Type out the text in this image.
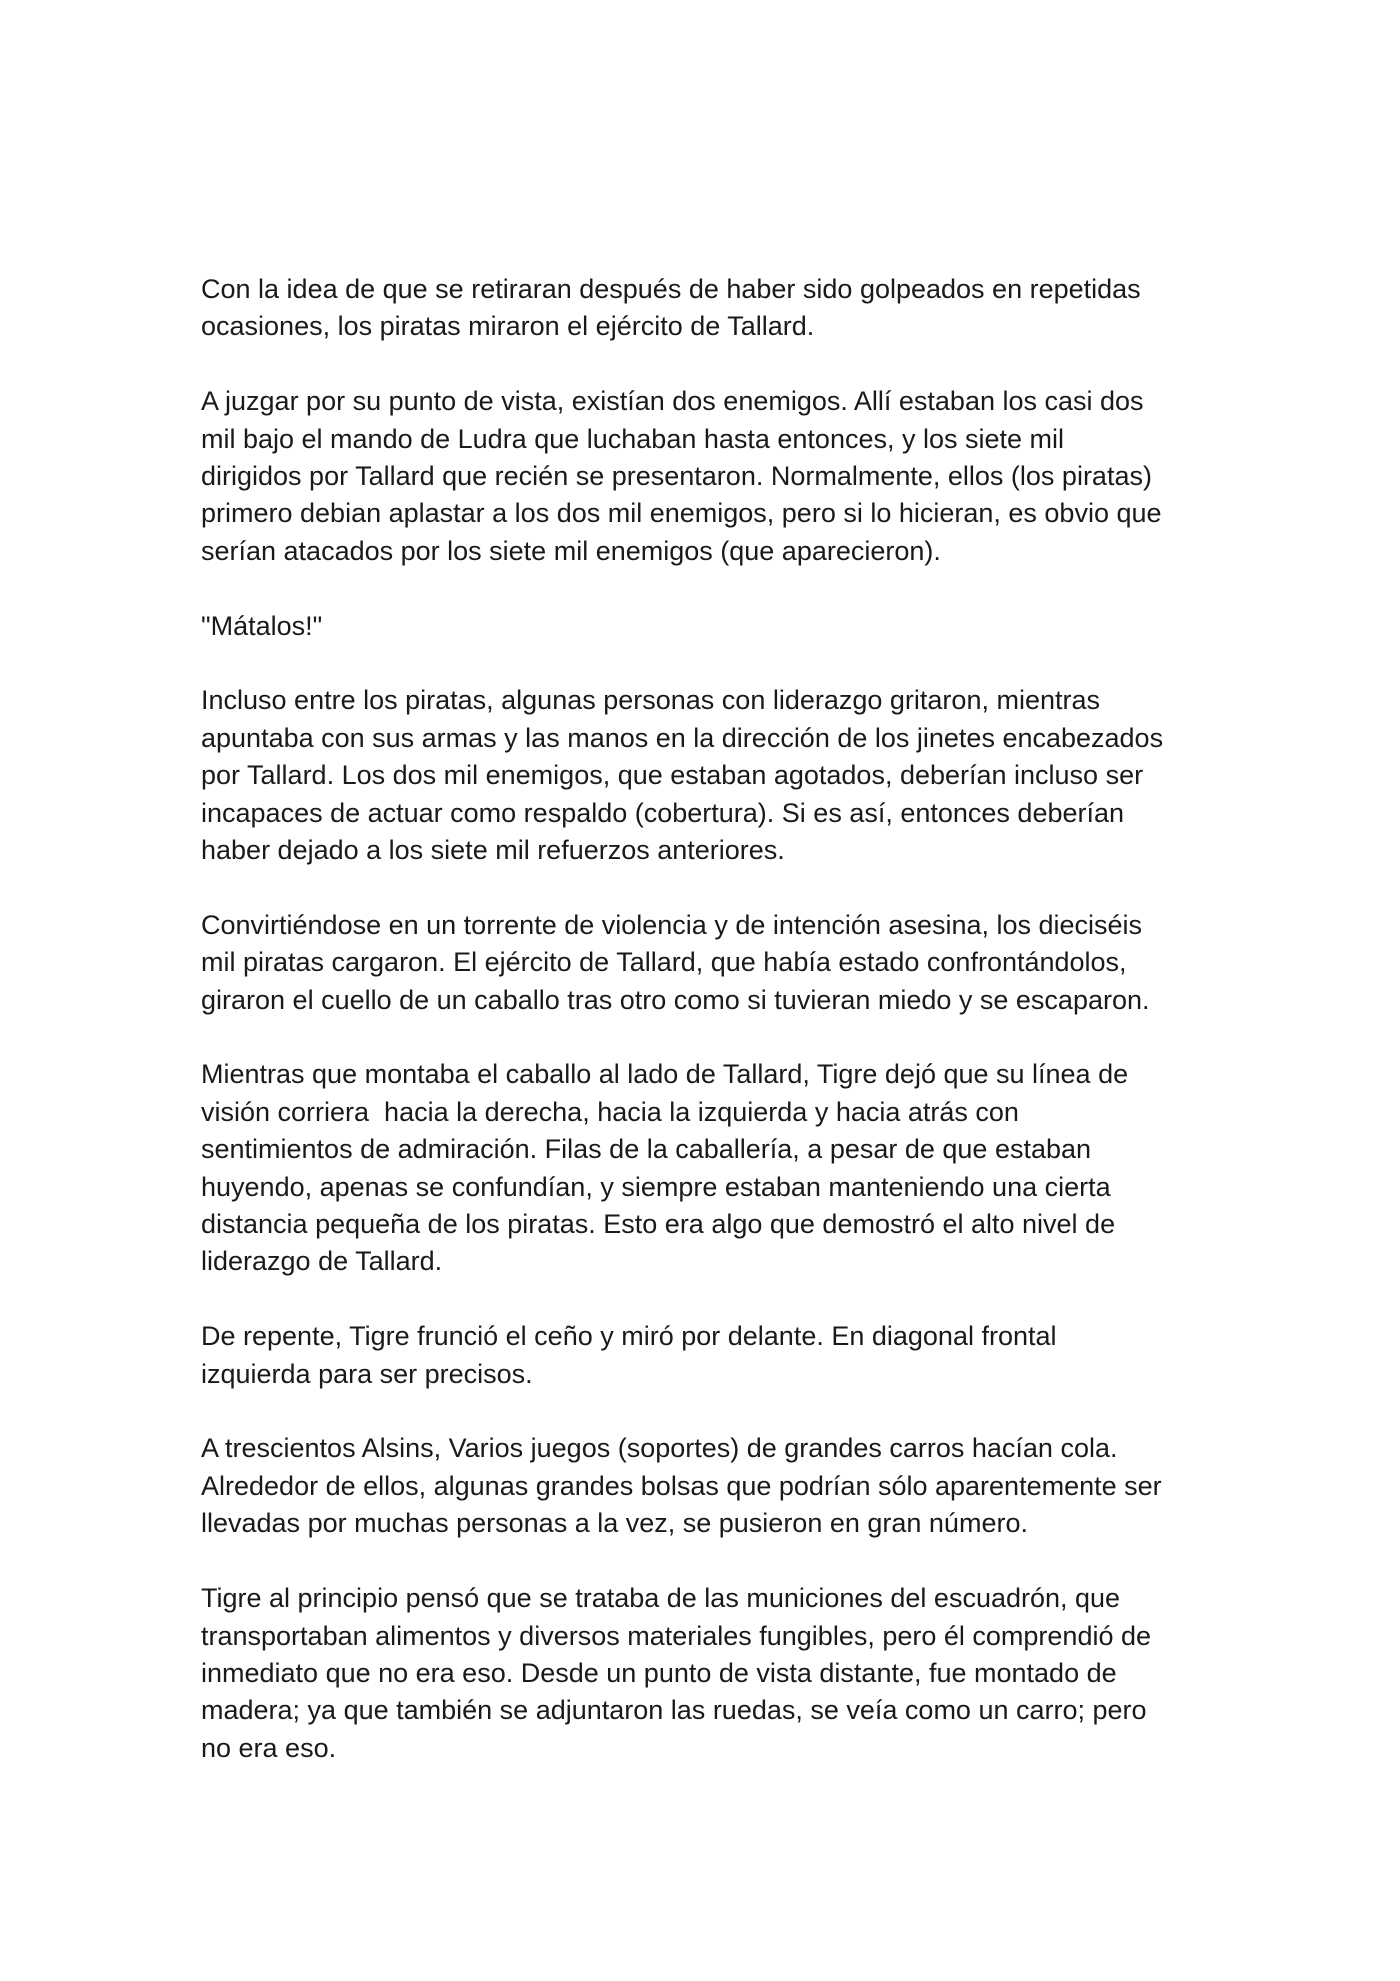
Con la idea de que se retiraran después de haber sido golpeados en repetidas
ocasiones, los piratas miraron el ejército de Tallard.

A juzgar por su punto de vista, existían dos enemigos. Allí estaban los casi dos
mil bajo el mando de Ludra que luchaban hasta entonces, y los siete mil
dirigidos por Tallard que recién se presentaron. Normalmente, ellos (los piratas)
primero debian aplastar a los dos mil enemigos, pero si lo hicieran, es obvio que
serían atacados por los siete mil enemigos (que aparecieron).

"Mátalos!"

Incluso entre los piratas, algunas personas con liderazgo gritaron, mientras
apuntaba con sus armas y las manos en la dirección de los jinetes encabezados
por Tallard. Los dos mil enemigos, que estaban agotados, deberían incluso ser
incapaces de actuar como respaldo (cobertura). Si es así, entonces deberían
haber dejado a los siete mil refuerzos anteriores.

Convirtiéndose en un torrente de violencia y de intención asesina, los dieciséis
mil piratas cargaron. El ejército de Tallard, que había estado confrontándolos,
giraron el cuello de un caballo tras otro como si tuvieran miedo y se escaparon.

Mientras que montaba el caballo al lado de Tallard, Tigre dejó que su línea de
visión corriera  hacia la derecha, hacia la izquierda y hacia atrás con
sentimientos de admiración. Filas de la caballería, a pesar de que estaban
huyendo, apenas se confundían, y siempre estaban manteniendo una cierta
distancia pequeña de los piratas. Esto era algo que demostró el alto nivel de
liderazgo de Tallard.

De repente, Tigre frunció el ceño y miró por delante. En diagonal frontal
izquierda para ser precisos.

A trescientos Alsins, Varios juegos (soportes) de grandes carros hacían cola.
Alrededor de ellos, algunas grandes bolsas que podrían sólo aparentemente ser
llevadas por muchas personas a la vez, se pusieron en gran número.

Tigre al principio pensó que se trataba de las municiones del escuadrón, que
transportaban alimentos y diversos materiales fungibles, pero él comprendió de
inmediato que no era eso. Desde un punto de vista distante, fue montado de
madera; ya que también se adjuntaron las ruedas, se veía como un carro; pero
no era eso.
